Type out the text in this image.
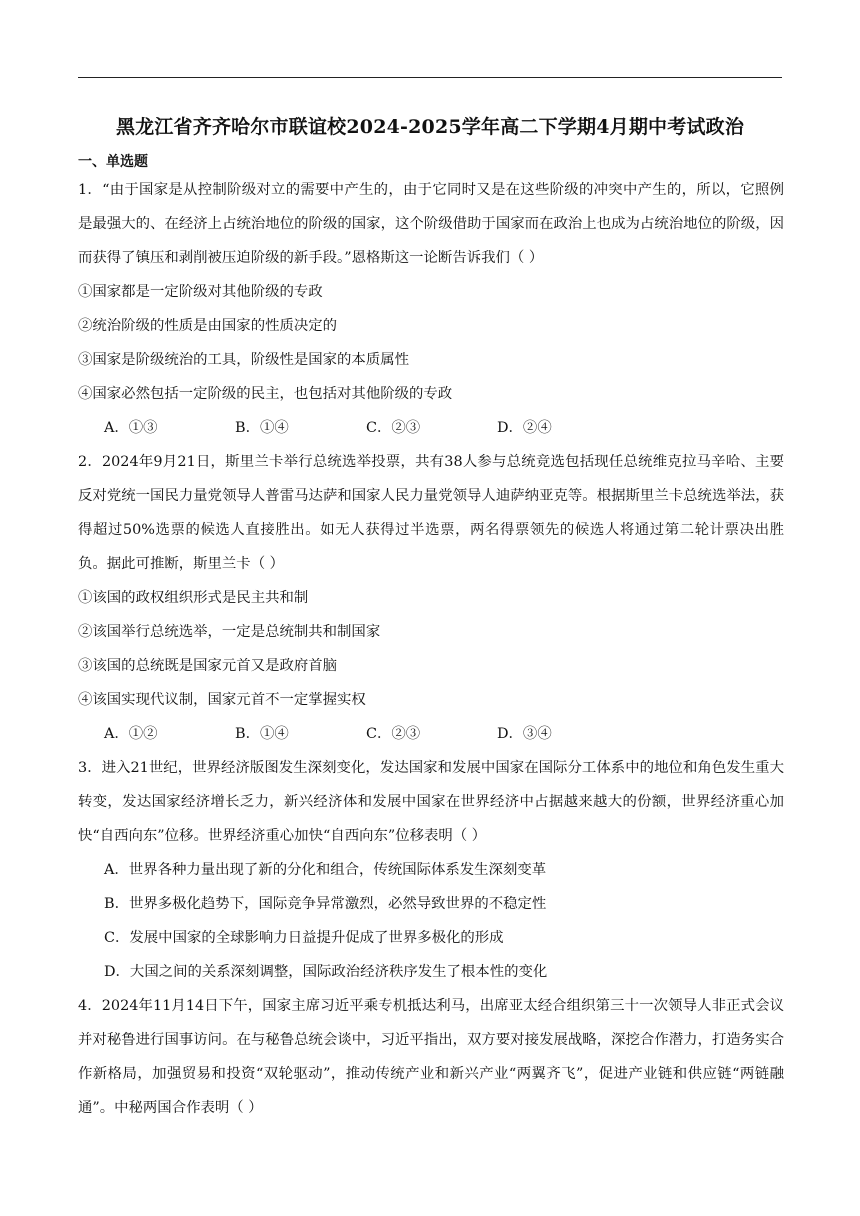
黑龙江省齐齐哈尔市联谊校2024-2025学年高二下学期4月期中考试政治
一、单选题

1．“由于国家是从控制阶级对立的需要中产生的，由于它同时又是在这些阶级的冲突中产生的，所以，它照例是最强大的、在经济上占统治地位的阶级的国家，这个阶级借助于国家而在政治上也成为占统治地位的阶级，因而获得了镇压和剥削被压迫阶级的新手段。”恩格斯这一论断告诉我们（ ）

①国家都是一定阶级对其他阶级的专政
②统治阶级的性质是由国家的性质决定的
③国家是阶级统治的工具，阶级性是国家的本质属性
④国家必然包括一定阶级的民主，也包括对其他阶级的专政
A．①③	B．①④	C．②③	D．②④

2．2024年9月21日，斯里兰卡举行总统选举投票，共有38人参与总统竞选包括现任总统维克拉马辛哈、主要反对党统一国民力量党领导人普雷马达萨和国家人民力量党领导人迪萨纳亚克等。根据斯里兰卡总统选举法，获得超过50%选票的候选人直接胜出。如无人获得过半选票，两名得票领先的候选人将通过第二轮计票决出胜负。据此可推断，斯里兰卡（ ）

①该国的政权组织形式是民主共和制
②该国举行总统选举，一定是总统制共和制国家
③该国的总统既是国家元首又是政府首脑
④该国实现代议制，国家元首不一定掌握实权
A．①②	B．①④	C．②③	D．③④

3．进入21世纪，世界经济版图发生深刻变化，发达国家和发展中国家在国际分工体系中的地位和角色发生重大转变，发达国家经济增长乏力，新兴经济体和发展中国家在世界经济中占据越来越大的份额，世界经济重心加快“自西向东”位移。世界经济重心加快“自西向东”位移表明（ ）

A．世界各种力量出现了新的分化和组合，传统国际体系发生深刻变革
B．世界多极化趋势下，国际竞争异常激烈，必然导致世界的不稳定性
C．发展中国家的全球影响力日益提升促成了世界多极化的形成
D．大国之间的关系深刻调整，国际政治经济秩序发生了根本性的变化

4．2024年11月14日下午，国家主席习近平乘专机抵达利马，出席亚太经合组织第三十一次领导人非正式会议并对秘鲁进行国事访问。在与秘鲁总统会谈中，习近平指出，双方要对接发展战略，深挖合作潜力，打造务实合作新格局，加强贸易和投资“双轮驱动”，推动传统产业和新兴产业“两翼齐飞”，促进产业链和供应链“两链融通”。中秘两国合作表明（ ）
